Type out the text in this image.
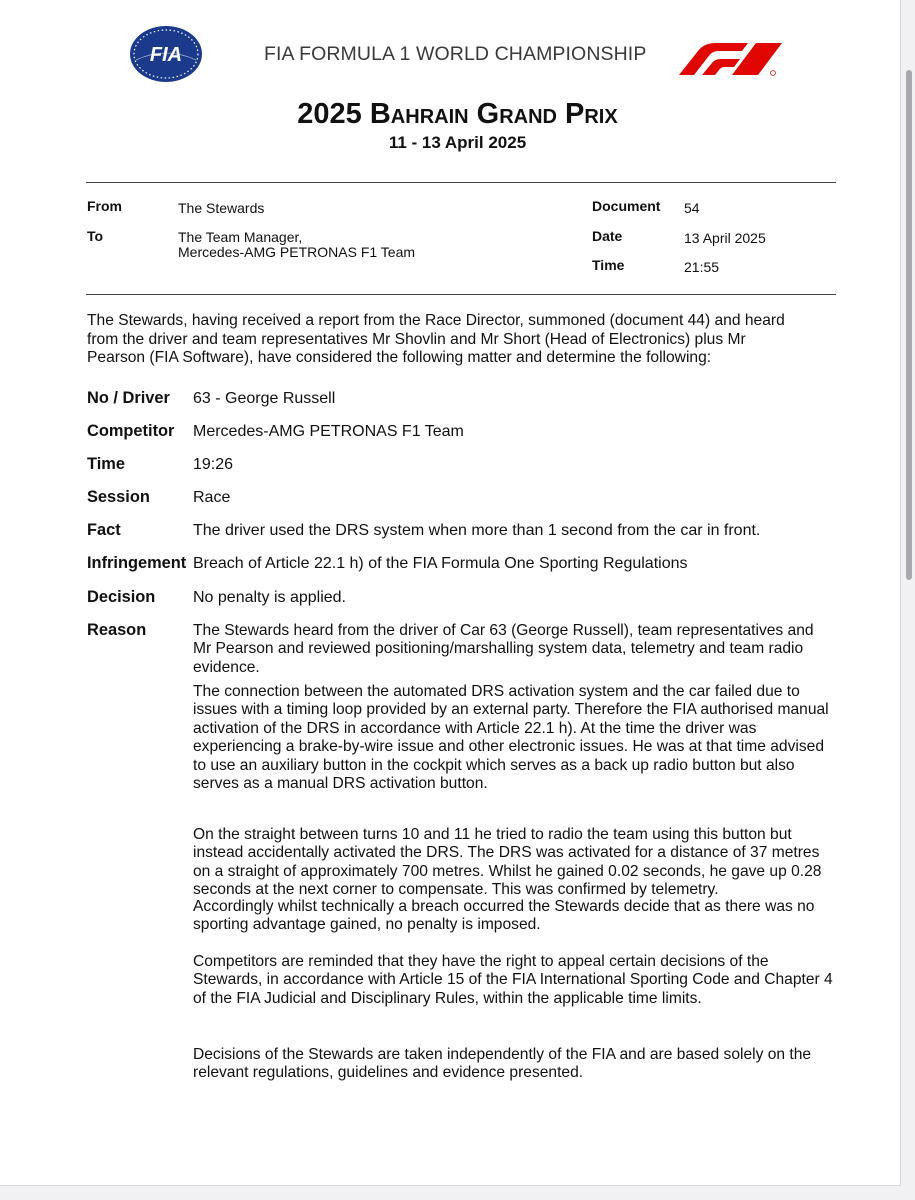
FIA	FIA FORMULA 1 WORLD CHAMPIONSHIP
2025 Bahrain Grand Prix
11 - 13 April 2025
From	The Stewards
To	The Team Manager,
Mercedes-AMG PETRONAS F1 Team
Document 54
Date	13 April 2025
Time	21:55
The Stewards, having received a report from the Race Director, summoned (document 44) and heard from the driver and team representatives Mr Shovlin and Mr Short (Head of Electronics) plus Mr Pearson (FIA Software), have considered the following matter and determine the following:
No / Driver 63 - George Russell
Competitor Mercedes-AMG PETRONAS F1 Team
Time	19:26
Session	Race
Fact	The driver used the DRS system when more than 1 second from the car in front.
Infringement Breach of Article 22.1 h) of the FIA Formula One Sporting Regulations
Decision No penalty is applied.
Reason	The Stewards heard from the driver of Car 63 (George Russell), team representatives and Mr Pearson and reviewed positioning/marshalling system data, telemetry and team radio evidence.
The connection between the automated DRS activation system and the car failed due to issues with a timing loop provided by an external party. Therefore the FIA authorised manual activation of the DRS in accordance with Article 22.1 h). At the time the driver was experiencing a brake-by-wire issue and other electronic issues. He was at that time advised to use an auxiliary button in the cockpit which serves as a back up radio button but also serves as a manual DRS activation button.
On the straight between turns 10 and 11 he tried to radio the team using this button but instead accidentally activated the DRS. The DRS was activated for a distance of 37 metres on a straight of approximately 700 metres. Whilst he gained 0.02 seconds, he gave up 0.28 seconds at the next corner to compensate. This was confirmed by telemetry.
Accordingly whilst technically a breach occurred the Stewards decide that as there was no sporting advantage gained, no penalty is imposed.
Competitors are reminded that they have the right to appeal certain decisions of the Stewards, in accordance with Article 15 of the FIA International Sporting Code and Chapter 4 of the FIA Judicial and Disciplinary Rules, within the applicable time limits.
Decisions of the Stewards are taken independently of the FIA and are based solely on the relevant regulations, guidelines and evidence presented.
